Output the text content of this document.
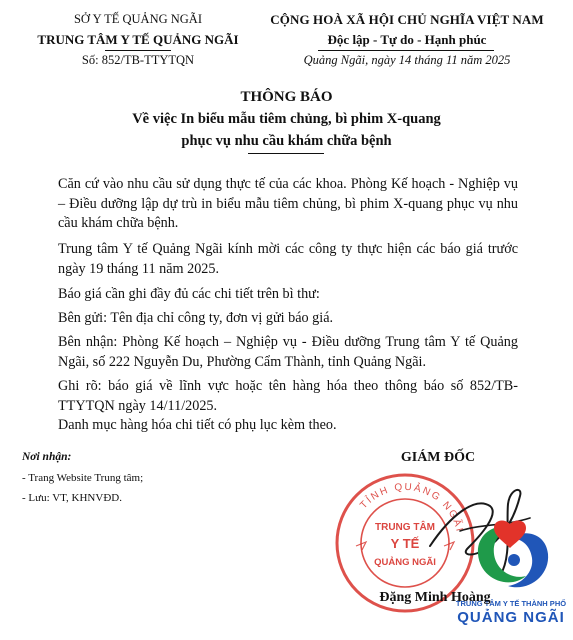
SỞ Y TẾ QUẢNG NGÃI
TRUNG TÂM Y TẾ QUẢNG NGÃI
Số: 852/TB-TTYTQN
CỘNG HOÀ XÃ HỘI CHỦ NGHĨA VIỆT NAM
Độc lập - Tự do - Hạnh phúc
Quảng Ngãi, ngày 14 tháng 11 năm 2025
THÔNG BÁO
Về việc In biểu mẫu tiêm chủng, bì phim X-quang
phục vụ nhu cầu khám chữa bệnh
Căn cứ vào nhu cầu sử dụng thực tế của các khoa. Phòng Kế hoạch - Nghiệp vụ – Điều dưỡng lập dự trù in biểu mẫu tiêm chủng, bì phim X-quang phục vụ nhu cầu khám chữa bệnh.
Trung tâm Y tế Quảng Ngãi kính mời các công ty thực hiện các báo giá trước ngày 19 tháng 11 năm 2025.
Báo giá cần ghi đầy đủ các chi tiết trên bì thư:
Bên gửi: Tên địa chỉ công ty, đơn vị gửi báo giá.
Bên nhận: Phòng Kế hoạch – Nghiệp vụ - Điều dưỡng Trung tâm Y tế Quảng Ngãi, số 222 Nguyễn Du, Phường Cẩm Thành, tỉnh Quảng Ngãi.
Ghi rõ: báo giá về lĩnh vực hoặc tên hàng hóa theo thông báo số 852/TB-TTYTQN ngày 14/11/2025.
Danh mục hàng hóa chi tiết có phụ lục kèm theo.
Nơi nhận:
- Trang Website Trung tâm;
- Lưu: VT, KHNVĐD.
GIÁM ĐỐC
TỈNH QUẢNG NGÃI
TRUNG TÂM
Y TẾ
QUẢNG NGÃI
TRUNG TÂM Y TẾ THÀNH PHỐ
QUẢNG NGÃI
Đặng Minh Hoàng
